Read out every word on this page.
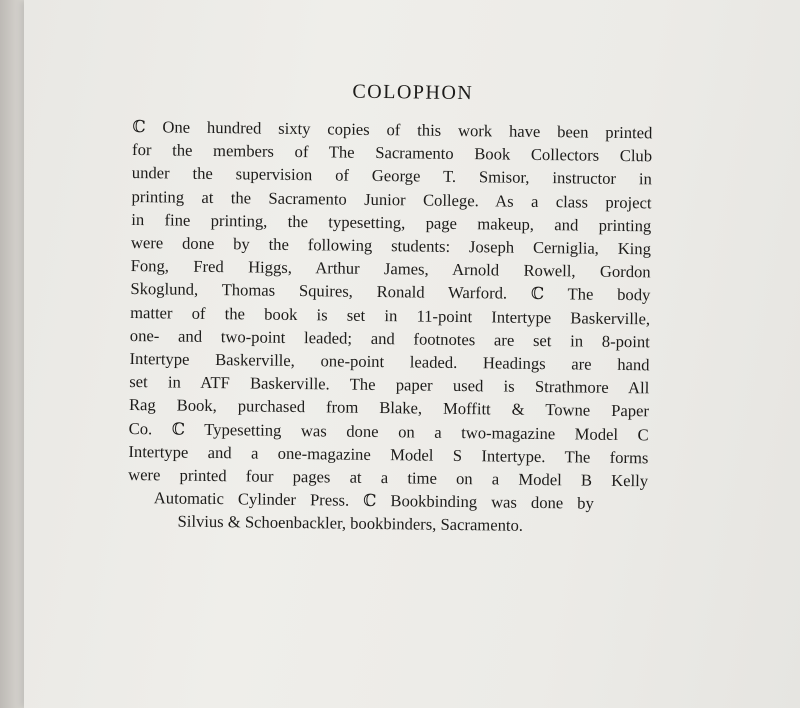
COLOPHON
ℂ One hundred sixty copies of this work have been printed
for the members of The Sacramento Book Collectors Club
under the supervision of George T. Smisor, instructor in
printing at the Sacramento Junior College. As a class project
in fine printing, the typesetting, page makeup, and printing
were done by the following students: Joseph Cerniglia, King
Fong, Fred Higgs, Arthur James, Arnold Rowell, Gordon
Skoglund, Thomas Squires, Ronald Warford. ℂ The body
matter of the book is set in 11-point Intertype Baskerville,
one- and two-point leaded; and footnotes are set in 8-point
Intertype Baskerville, one-point leaded. Headings are hand
set in ATF Baskerville. The paper used is Strathmore All
Rag Book, purchased from Blake, Moffitt & Towne Paper
Co. ℂ Typesetting was done on a two-magazine Model C
Intertype and a one-magazine Model S Intertype. The forms
were printed four pages at a time on a Model B Kelly
Automatic Cylinder Press. ℂ Bookbinding was done by
Silvius & Schoenbackler, bookbinders, Sacramento.
